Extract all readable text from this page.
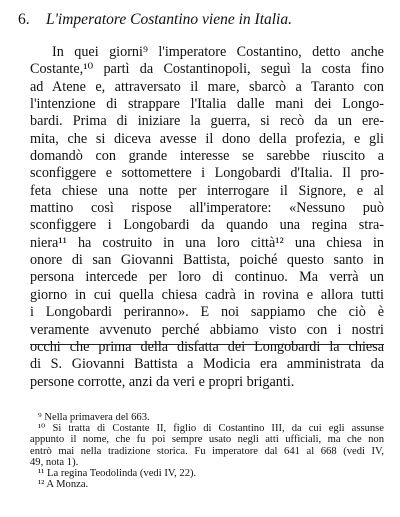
6. L'imperatore Costantino viene in Italia.
In quei giorni⁹ l'imperatore Costantino, detto anche
Costante,¹⁰ partì da Costantinopoli, seguì la costa fino
ad Atene e, attraversato il mare, sbarcò a Taranto con
l'intenzione di strappare l'Italia dalle mani dei Longo-
bardi. Prima di iniziare la guerra, si recò da un ere-
mita, che si diceva avesse il dono della profezia, e gli
domandò con grande interesse se sarebbe riuscito a
sconfiggere e sottomettere i Longobardi d'Italia. Il pro-
feta chiese una notte per interrogare il Signore, e al
mattino così rispose all'imperatore: «Nessuno può
sconfiggere i Longobardi da quando una regina stra-
niera¹¹ ha costruito in una loro città¹² una chiesa in
onore di san Giovanni Battista, poiché questo santo in
persona intercede per loro di continuo. Ma verrà un
giorno in cui quella chiesa cadrà in rovina e allora tutti
i Longobardi periranno». E noi sappiamo che ciò è
veramente avvenuto perché abbiamo visto con i nostri
occhi che prima della disfatta dei Longobardi la chiesa
di S. Giovanni Battista a Modicia era amministrata da
persone corrotte, anzi da veri e propri briganti.
⁹ Nella primavera del 663.
¹⁰ Si tratta di Costante II, figlio di Costantino III, da cui egli assunse
appunto il nome, che fu poi sempre usato negli atti ufficiali, ma che non
entrò mai nella tradizione storica. Fu imperatore dal 641 al 668 (vedi IV,
49, nota 1).
¹¹ La regina Teodolinda (vedi IV, 22).
¹² A Monza.
